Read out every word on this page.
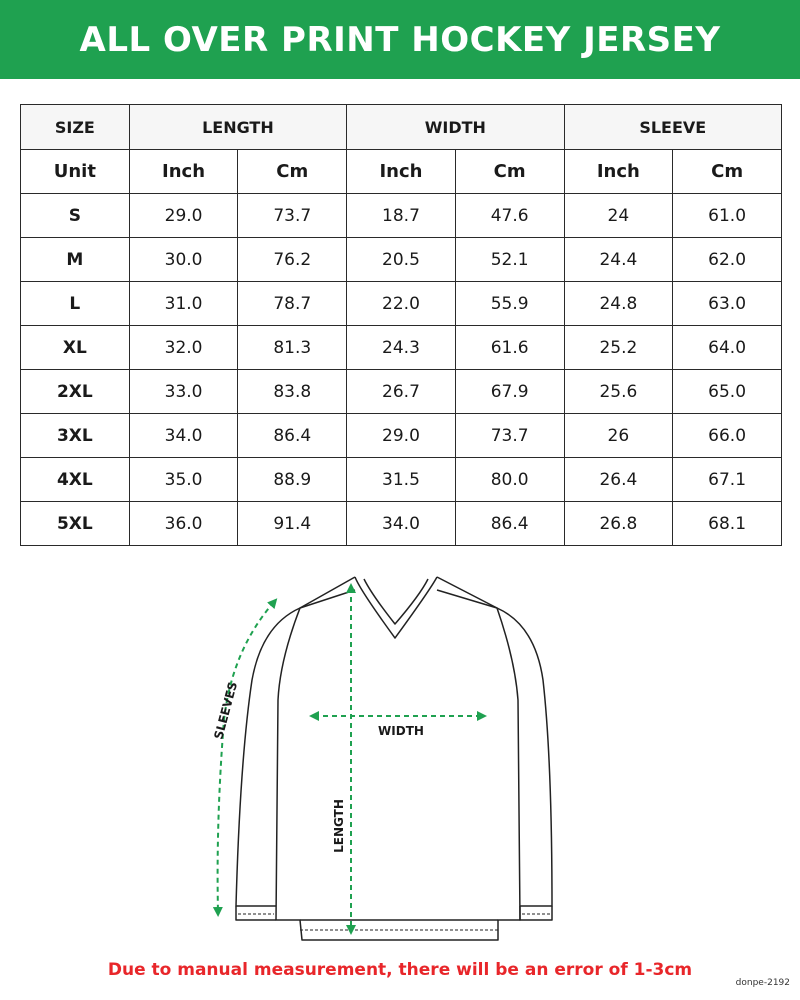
ALL OVER PRINT HOCKEY JERSEY
SIZE	LENGTH		WIDTH		SLEEVE	
Unit	Inch	Cm	Inch	Cm	Inch	Cm
S	29.0	73.7	18.7	47.6	24	61.0
M	30.0	76.2	20.5	52.1	24.4	62.0
L	31.0	78.7	22.0	55.9	24.8	63.0
XL	32.0	81.3	24.3	61.6	25.2	64.0
2XL	33.0	83.8	26.7	67.9	25.6	65.0
3XL	34.0	86.4	29.0	73.7	26	66.0
4XL	35.0	88.9	31.5	80.0	26.4	67.1
5XL	36.0	91.4	34.0	86.4	26.8	68.1
SLEEVES	WIDTH
LENGTH
Due to manual measurement, there will be an error of 1-3cm
donpe-2192
